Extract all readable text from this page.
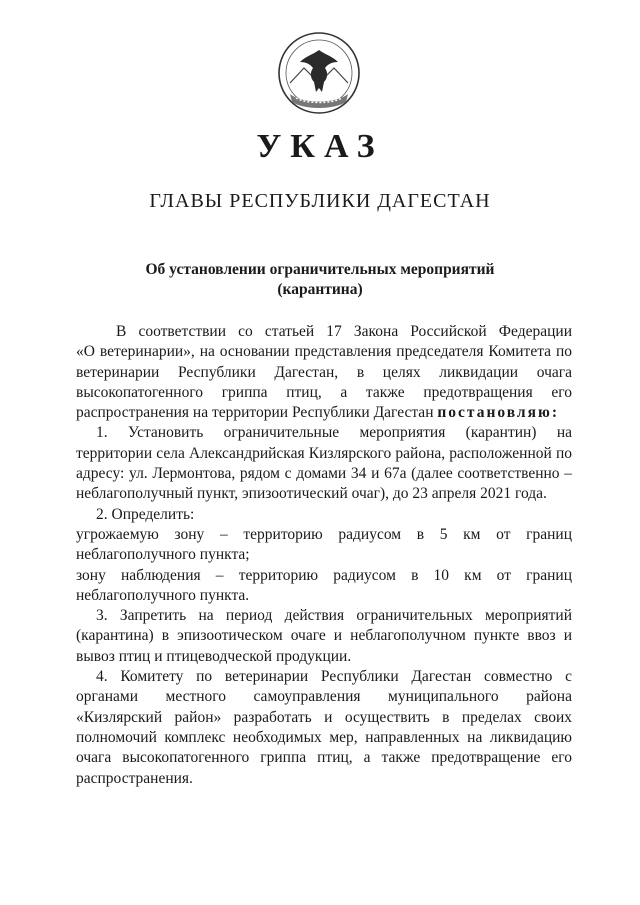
УКАЗ
ГЛАВЫ РЕСПУБЛИКИ ДАГЕСТАН
Об установлении ограничительных мероприятий
(карантина)

В соответствии со статьей 17 Закона Российской Федерации

«О ветеринарии», на основании представления председателя Комитета по

ветеринарии Республики Дагестан, в целях ликвидации очага

высокопатогенного гриппа птиц, а также предотвращения его

распространения на территории Республики Дагестан постановляю:

1. Установить ограничительные мероприятия (карантин) на

территории села Александрийская Кизлярского района, расположенной по

адресу: ул. Лермонтова, рядом с домами 34 и 67а (далее соответственно –

неблагополучный пункт, эпизоотический очаг), до 23 апреля 2021 года.

2. Определить:

угрожаемую зону – территорию радиусом в 5 км от границ

неблагополучного пункта;

зону наблюдения – территорию радиусом в 10 км от границ

неблагополучного пункта.

3. Запретить на период действия ограничительных мероприятий

(карантина) в эпизоотическом очаге и неблагополучном пункте ввоз и

вывоз птиц и птицеводческой продукции.

4. Комитету по ветеринарии Республики Дагестан совместно с

органами местного самоуправления муниципального района

«Кизлярский район» разработать и осуществить в пределах своих

полномочий комплекс необходимых мер, направленных на ликвидацию

очага высокопатогенного гриппа птиц, а также предотвращение его

распространения.
